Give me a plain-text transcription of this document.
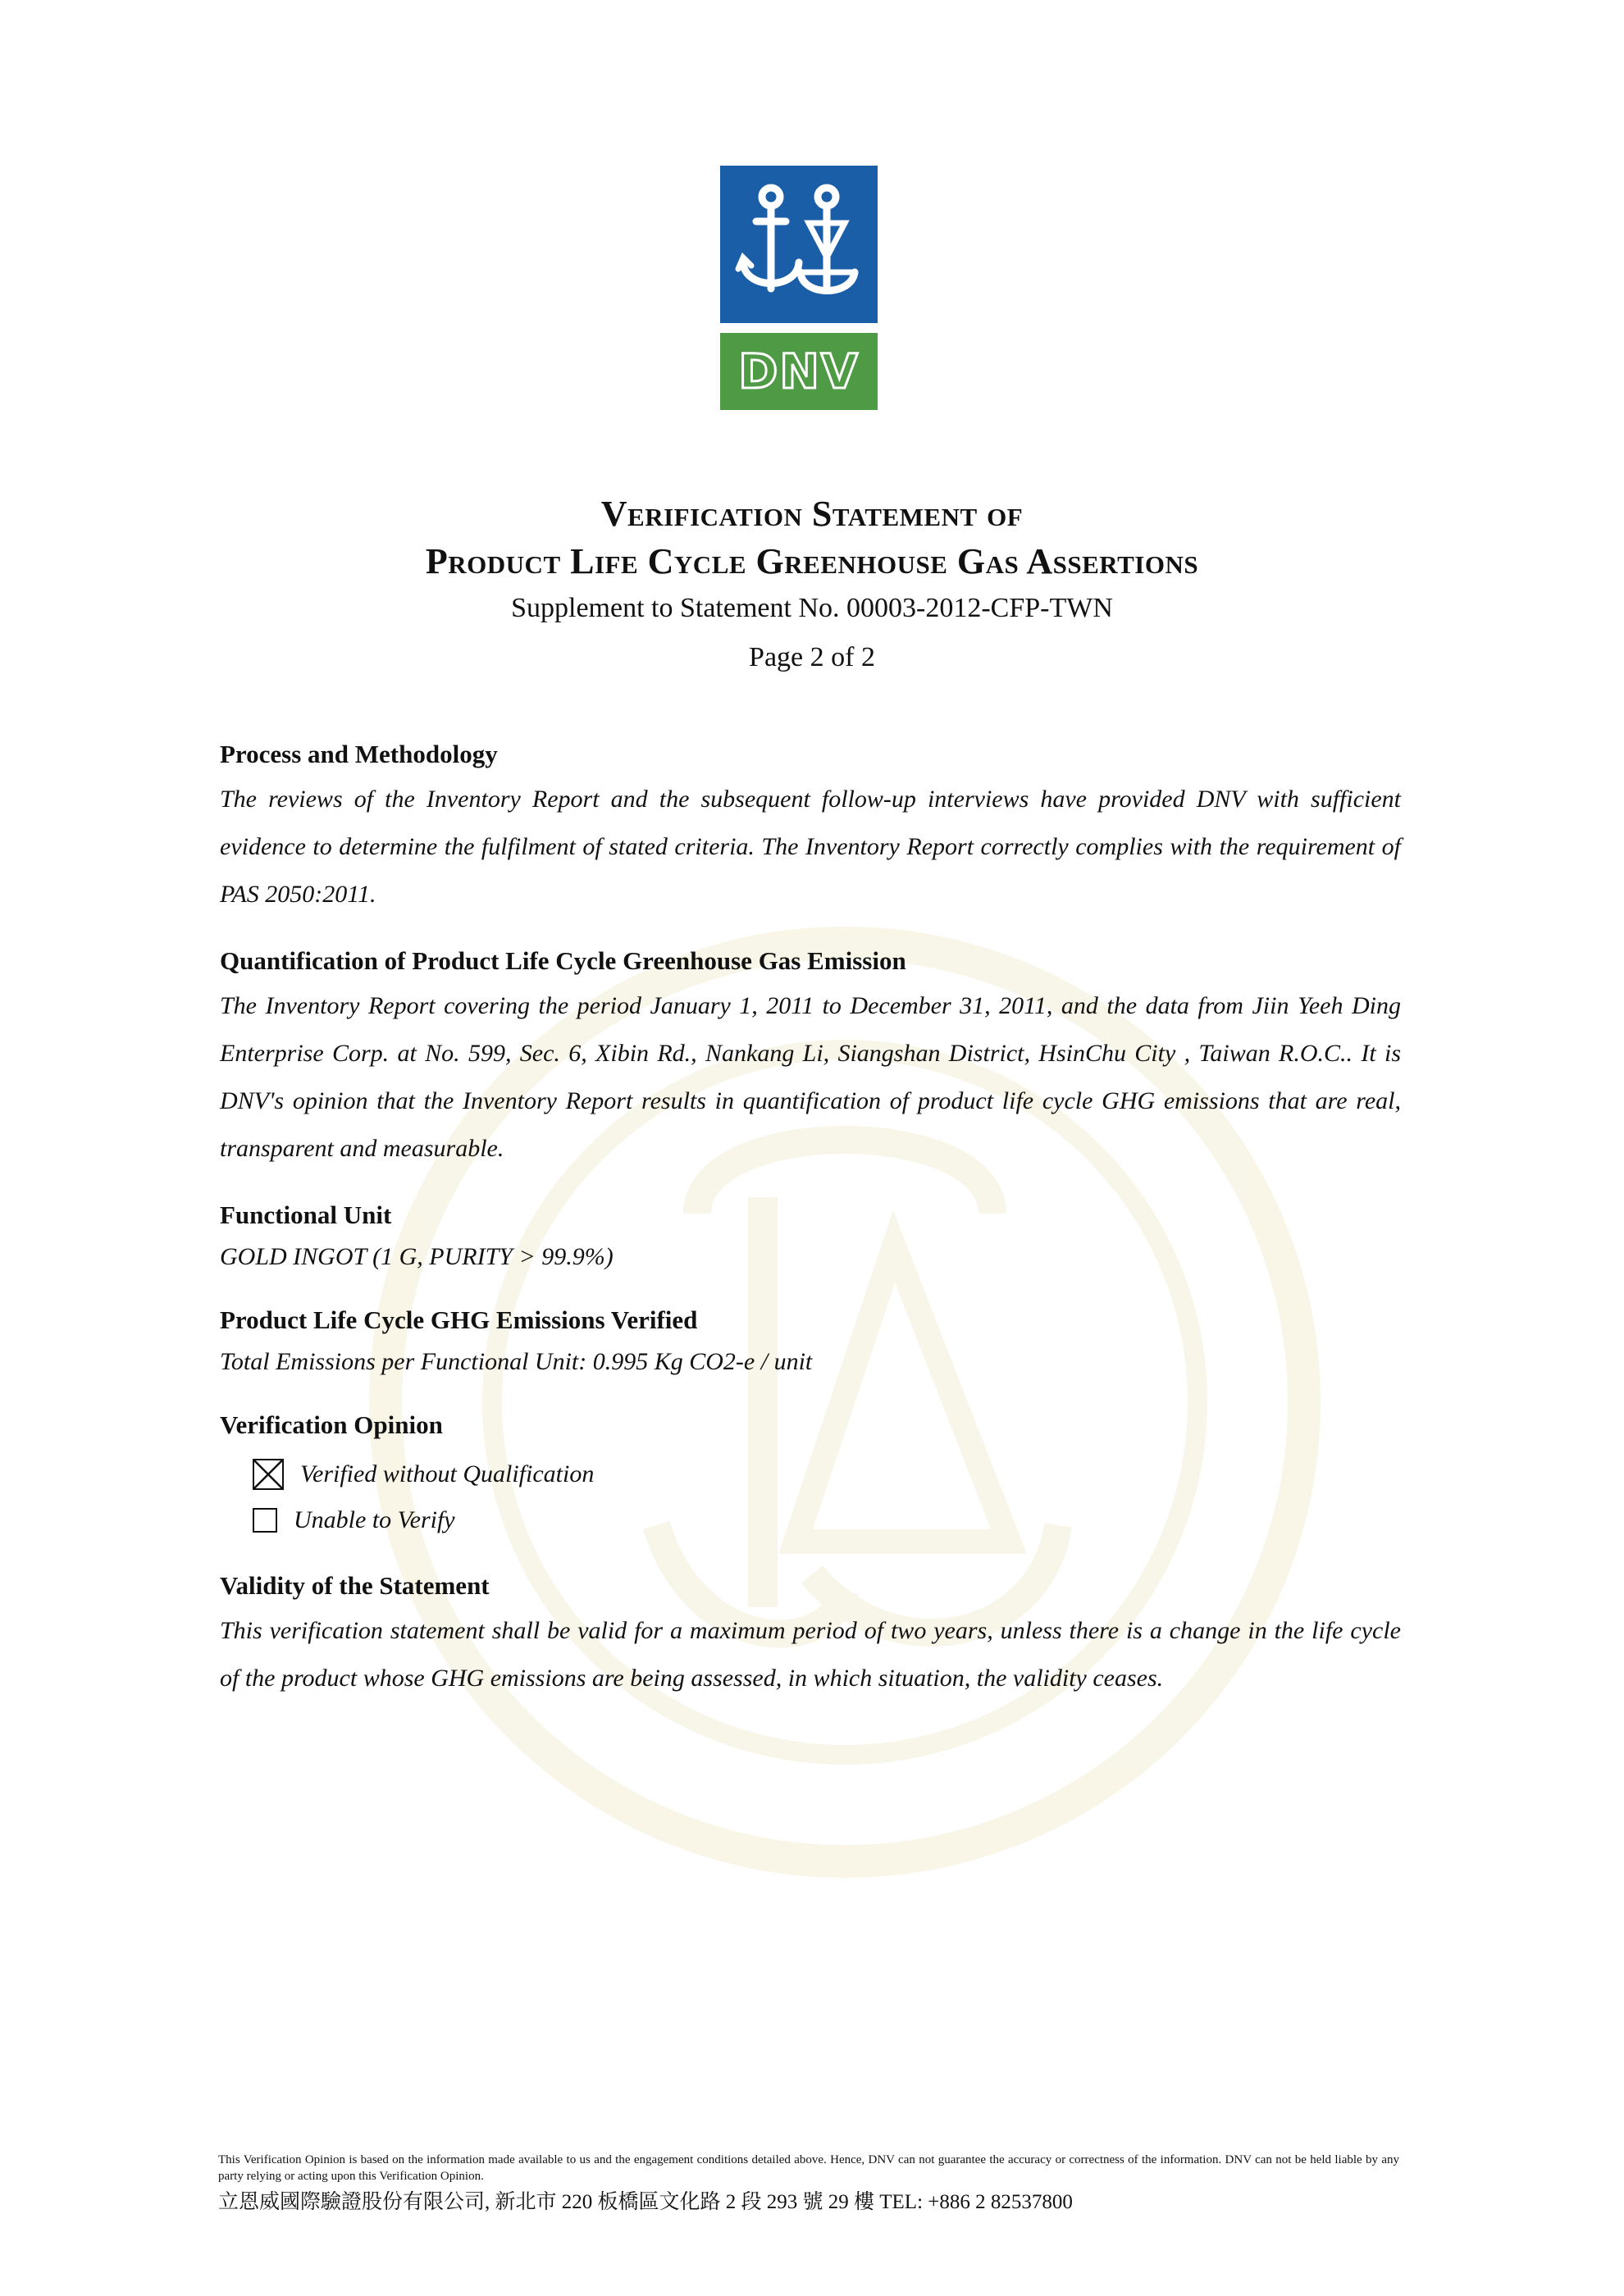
DNV
Verification Statement of
Product Life Cycle Greenhouse Gas Assertions
Supplement to Statement No. 00003-2012-CFP-TWN
Page 2 of 2

Process and Methodology

The reviews of the Inventory Report and the subsequent follow-up interviews have provided DNV with sufficient evidence to determine the fulfilment of stated criteria. The Inventory Report correctly complies with the requirement of PAS 2050:2011.

Quantification of Product Life Cycle Greenhouse Gas Emission

The Inventory Report covering the period January 1, 2011 to December 31, 2011, and the data from Jiin Yeeh Ding Enterprise Corp. at No. 599, Sec. 6, Xibin Rd., Nankang Li, Siangshan District, HsinChu City , Taiwan R.O.C.. It is DNV's opinion that the Inventory Report results in quantification of product life cycle GHG emissions that are real, transparent and measurable.

Functional Unit

GOLD INGOT (1 G, PURITY > 99.9%)

Product Life Cycle GHG Emissions Verified

Total Emissions per Functional Unit: 0.995 Kg CO2-e / unit

Verification Opinion

Verified without Qualification
Unable to Verify

Validity of the Statement

This verification statement shall be valid for a maximum period of two years, unless there is a change in the life cycle of the product whose GHG emissions are being assessed, in which situation, the validity ceases.

This Verification Opinion is based on the information made available to us and the engagement conditions detailed above. Hence, DNV can not guarantee the accuracy or correctness of the information. DNV can not be held liable by any party relying or acting upon this Verification Opinion.

立恩威國際驗證股份有限公司, 新北市 220 板橋區文化路 2 段 293 號 29 樓 TEL: +886 2 82537800
